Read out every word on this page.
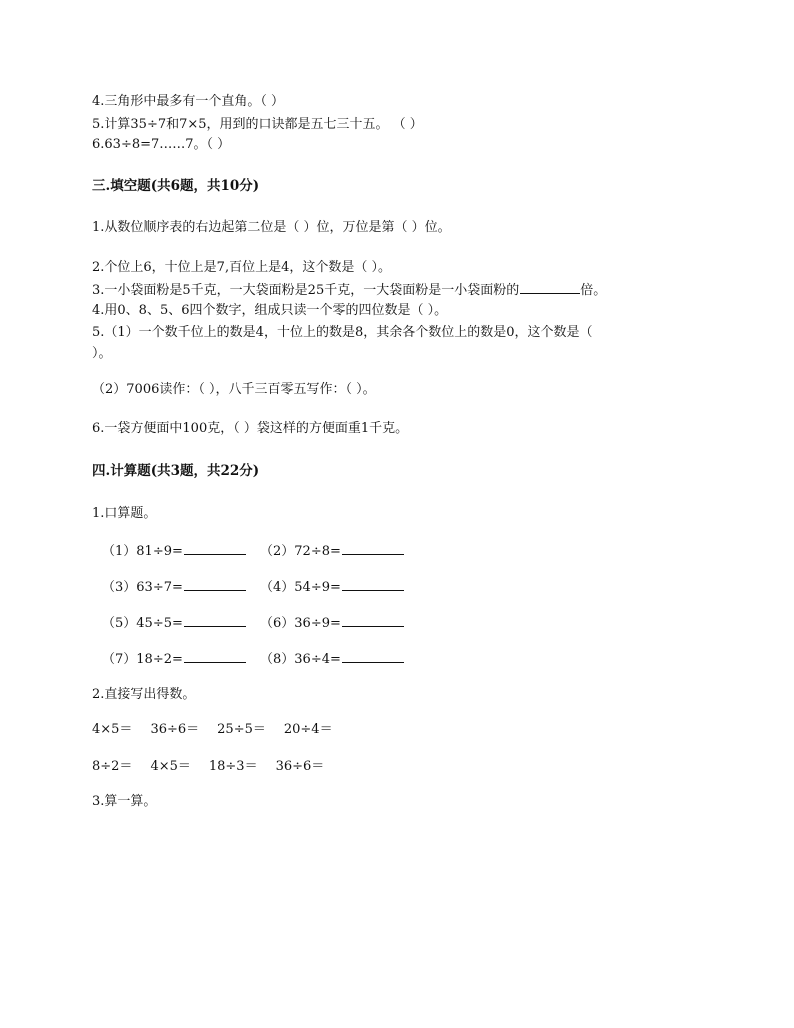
4.三角形中最多有一个直角。（ ）
5.计算35÷7和7×5，用到的口诀都是五七三十五。 （ ）
6.63÷8=7……7。（ ）
三.填空题(共6题，共10分)
1.从数位顺序表的右边起第二位是（ ）位，万位是第（ ）位。
2.个位上6，十位上是7,百位上是4，这个数是（ ）。
3.一小袋面粉是5千克，一大袋面粉是25千克，一大袋面粉是一小袋面粉的	倍。
4.用0、8、5、6四个数字，组成只读一个零的四位数是（ ）。
5.（1）一个数千位上的数是4，十位上的数是8，其余各个数位上的数是0，这个数是（
）。
（2）7006读作：（ ），八千三百零五写作：（ ）。
6.一袋方便面中100克，（ ）袋这样的方便面重1千克。
四.计算题(共3题，共22分)
1.口算题。
（1）81÷9=	（2）72÷8=
（3）63÷7=	（4）54÷9=
（5）45÷5=	（6）36÷9=
（7）18÷2=	（8）36÷4=
2.直接写出得数。
4×5＝ 36÷6＝ 25÷5＝ 20÷4＝
8÷2＝ 4×5＝ 18÷3＝ 36÷6＝
3.算一算。
